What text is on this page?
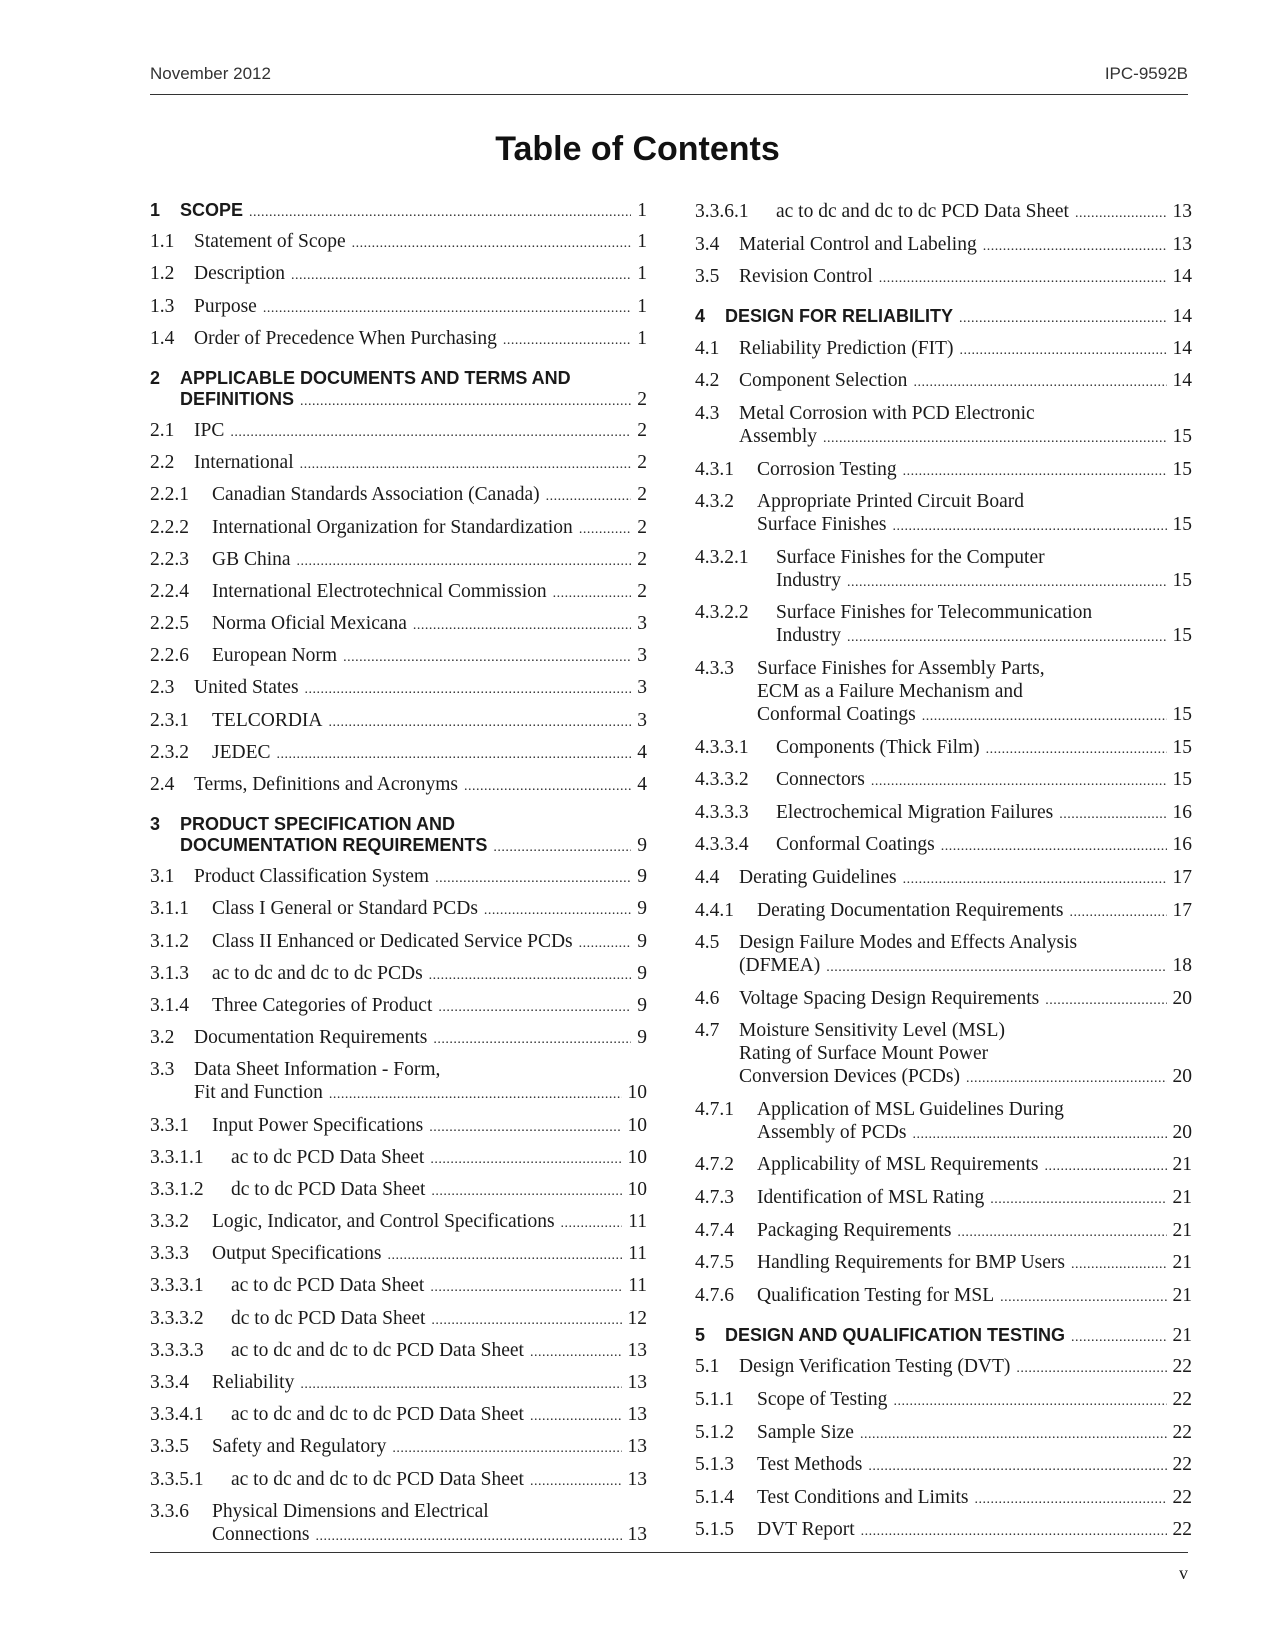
November 2012	IPC-9592B
Table of Contents
1 SCOPE . . .	1
1.1 Statement of Scope . . .	1
1.2 Description . . .	1
1.3 Purpose . . .	1
1.4 Order of Precedence When Purchasing . . .	1
2 APPLICABLE DOCUMENTS AND TERMS AND
DEFINITIONS . . .	2
2.1 IPC . . .	2
2.2 International . . .	2
2.2.1 Canadian Standards Association (Canada) . . .	2
2.2.2 International Organization for Standardization . . .	2
2.2.3 GB China . . .	2
2.2.4 International Electrotechnical Commission . . .	2
2.2.5 Norma Oficial Mexicana . . .	3
2.2.6 European Norm . . .	3
2.3 United States . . .	3
2.3.1 TELCORDIA . . .	3
2.3.2 JEDEC . . .	4
2.4 Terms, Definitions and Acronyms . . .	4
3 PRODUCT SPECIFICATION AND
DOCUMENTATION REQUIREMENTS . . .	9
3.1 Product Classification System . . .	9
3.1.1 Class I General or Standard PCDs . . .	9
3.1.2 Class II Enhanced or Dedicated Service PCDs . . .	9
3.1.3 ac to dc and dc to dc PCDs . . .	9
3.1.4 Three Categories of Product . . .	9
3.2 Documentation Requirements . . .	9
3.3 Data Sheet Information - Form,
Fit and Function . . .	10
3.3.1 Input Power Specifications . . .	10
3.3.1.1 ac to dc PCD Data Sheet . . .	10
3.3.1.2 dc to dc PCD Data Sheet . . .	10
3.3.2 Logic, Indicator, and Control Specifications . . .	11
3.3.3 Output Specifications . . .	11
3.3.3.1 ac to dc PCD Data Sheet . . .	11
3.3.3.2 dc to dc PCD Data Sheet . . .	12
3.3.3.3 ac to dc and dc to dc PCD Data Sheet . . .	13
3.3.4 Reliability . . .	13
3.3.4.1 ac to dc and dc to dc PCD Data Sheet . . .	13
3.3.5 Safety and Regulatory . . .	13
3.3.5.1 ac to dc and dc to dc PCD Data Sheet . . .	13
3.3.6 Physical Dimensions and Electrical
Connections . . .	13
3.3.6.1 ac to dc and dc to dc PCD Data Sheet . . .	13
3.4 Material Control and Labeling . . .	13
3.5 Revision Control . . .	14
4 DESIGN FOR RELIABILITY . . .	14
4.1 Reliability Prediction (FIT) . . .	14
4.2 Component Selection . . .	14
4.3 Metal Corrosion with PCD Electronic
Assembly . . .	15
4.3.1 Corrosion Testing . . .	15
4.3.2 Appropriate Printed Circuit Board
Surface Finishes . . .	15
4.3.2.1 Surface Finishes for the Computer
Industry . . .	15
4.3.2.2 Surface Finishes for Telecommunication
Industry . . .	15
4.3.3 Surface Finishes for Assembly Parts,
ECM as a Failure Mechanism and
Conformal Coatings . . .	15
4.3.3.1 Components (Thick Film) . . .	15
4.3.3.2 Connectors . . .	15
4.3.3.3 Electrochemical Migration Failures . . .	16
4.3.3.4 Conformal Coatings . . .	16
4.4 Derating Guidelines . . .	17
4.4.1 Derating Documentation Requirements . . .	17
4.5 Design Failure Modes and Effects Analysis
(DFMEA) . . .	18
4.6 Voltage Spacing Design Requirements . . .	20
4.7 Moisture Sensitivity Level (MSL)
Rating of Surface Mount Power
Conversion Devices (PCDs) . . .	20
4.7.1 Application of MSL Guidelines During
Assembly of PCDs . . .	20
4.7.2 Applicability of MSL Requirements . . .	21
4.7.3 Identification of MSL Rating . . .	21
4.7.4 Packaging Requirements . . .	21
4.7.5 Handling Requirements for BMP Users . . .	21
4.7.6 Qualification Testing for MSL . . .	21
5 DESIGN AND QUALIFICATION TESTING . . .	21
5.1 Design Verification Testing (DVT) . . .	22
5.1.1 Scope of Testing . . .	22
5.1.2 Sample Size . . .	22
5.1.3 Test Methods . . .	22
5.1.4 Test Conditions and Limits . . .	22
5.1.5 DVT Report . . .	22
v
